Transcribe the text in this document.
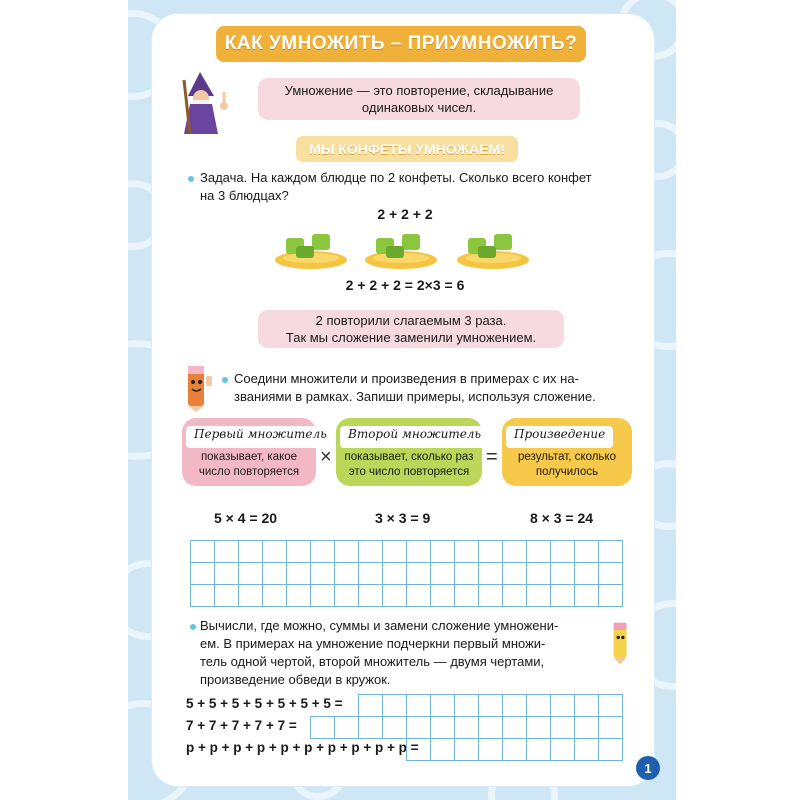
КАК УМНОЖИТЬ – ПРИУМНОЖИТЬ?
Умножение — это повторение, складывание
одинаковых чисел.
МЫ КОНФЕТЫ УМНОЖАЕМ!
Задача. На каждом блюдце по 2 конфеты. Сколько всего конфет
на 3 блюдцах?
2 + 2 + 2
2 + 2 + 2 = 2×3 = 6
2 повторили слагаемым 3 раза.
Так мы сложение заменили умножением.
Соедини множители и произведения в примерах с их на-
званиями в рамках. Запиши примеры, используя сложение.
Первый множитель
показывает, какое
число повторяется
×
Второй множитель
показывает, сколько раз
это число повторяется
=
Произведение
результат, сколько
получилось
5 × 4 = 20	3 × 3 = 9	8 × 3 = 24
Вычисли, где можно, суммы и замени сложение умножени-
ем. В примерах на умножение подчеркни первый множи-
тель одной чертой, второй множитель — двумя чертами,
произведение обведи в кружок.
5 + 5 + 5 + 5 + 5 + 5 + 5 =
7 + 7 + 7 + 7 + 7 =
р + р + р + р + р + р + р + р + р + р =
1
